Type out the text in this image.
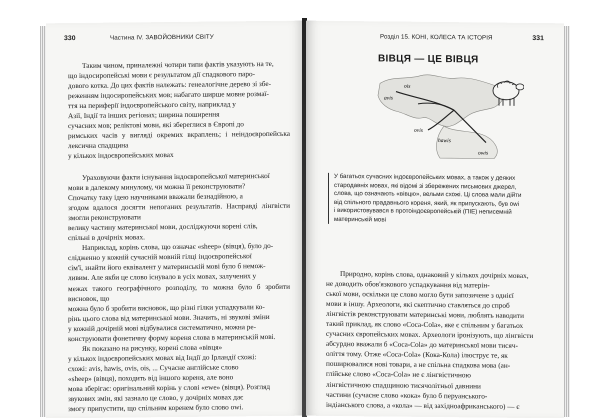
330	Частина IV. ЗАВОЙОВНИКИ СВІТУ

Таким чином, приналежні чотири типи фактів указують на те,

що індосиропейські мови є результатом дії спадкового паро-

дового котка. До цих фактів належать: генеалогічне дерево зі збе-

реженням індосиропейських мов; набагато ширше мовне розмаї-

ття на периферії індоєвропейського світу, наприклад у

Азії, Індії та інших регіонах; ширина поширення

сучасних мов; реліктові мови, які збереглися в Європі до

римських часів у вигляді окремих вкраплень; і неіндоєвропейська лексична спадщина

у кількох індоєвропейських мовах

Ураховуючи факти існування індоєвропейської материнської

мови в далекому минулому, чи можна її реконструювати?

Спочатку таку ідею научниками вважали безнадійною, а

згодом вдалося досягти непоганих результатів. Насправді лінгвісти змогли реконструювати

велику частину материнської мови, досліджуючи корені слів,

спільні в дочірніх мовах.

Наприклад, корінь слова, що означає «sheep» (вівця), було до-

слідженно у кожній сучасній мовній гілці індоєвропейської

сім'ї, знайти його еквівалент у материнській мові було б немож-

ливим. Але якби це слово існувало в усіх мовах, залучених у

межах такого географічного розподілу, то можна було б зробити висновок, що

можна було б зробити висновок, що різні гілки успадкували ко-

рінь цього слова від материнської мови. Значить, ні звукові зміни

у кожній дочірній мові відбувалися систематично, можна ре-

конструювати фонетичну форму кореня слова в материнській мові.

Як показано на рисунку, корені слова «вівця»

у кількох індоєвропейських мовах від Індії до Ірландії схожі:

схожі: avis, hawis, ovis, ois, ... Сучасне англійське слово

«sheep» (вівця), походить від іншого кореня, але воно

мова зберігає: оригінальний корінь у слові «ewe» (вівця). Розгляд

звукових змін, які зазнало це слово, у дочірніх мовах дає

змогу припустити, що спільним коренем було слово owi.

Розділ 15. КОНІ, КОЛЕСА ТА ІСТОРІЯ	331
ВІВЦЯ — ЦЕ ВІВЦЯ
avis
ovis
hawis
owis
ois

У багатьох сучасних індоєвропейських мовах, а також у деяких

стародавніх мовах, які відомі зі збережених письмових джерел,

слова, що означають «вівцю», вельми схожі. Ці слова мали дійти

від спільного прадавнього кореня, який, як припускають, був owi

і використовувався в протоіндоєвропейській (ПІЕ) неписемній

материнській мові

Природно, корінь слова, однаковий у кількох дочірніх мовах,

не доводить обов'язкового успадкування від матерін-

ської мови, оскільки це слово могло бути запозичене з однієї

мови в іншу. Археологи, які скептично ставляться до спроб

лінгвістів реконструювати материнські мови, люблять наводити

такий приклад, як слово «Coca-Cola», яке є спільним у багатьох

сучасних європейських мовах. Археологи іронізують, що лінгвісти

абсурдно вважали б «Coca-Cola» до материнської мови тисяч-

оліття тому. Отже «Coca-Cola» (Кока-Кола) ілюструє те, як

поширювалися нові товари, а не спільна спадкова мова (ан-

глійське слово «Coca-Cola» не є лінгвістичною

лінгвістичною спадщиною тисячолітньої давнини

частини (сучасне слово «кока» було б перуанського-

індіанського слова, а «кола» — від західноафриканського) — є
